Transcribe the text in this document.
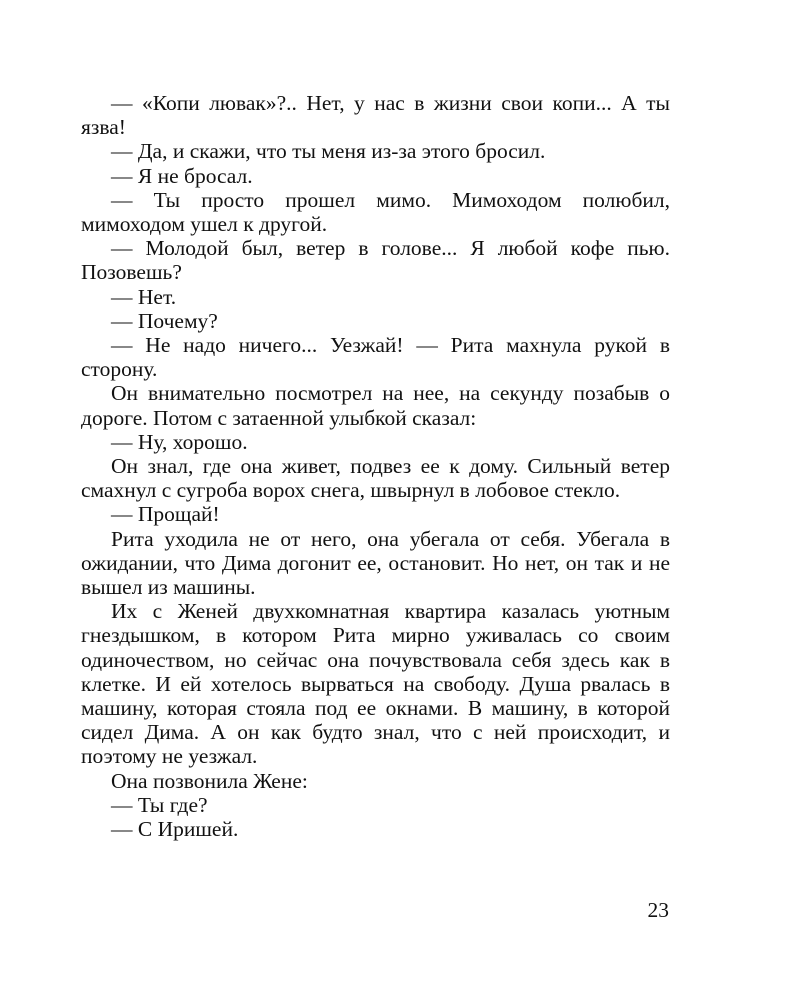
— «Копи лювак»?.. Нет, у нас в жизни свои копи... А ты язва!

— Да, и скажи, что ты меня из-за этого бросил.

— Я не бросал.

— Ты просто прошел мимо. Мимоходом полюбил, мимоходом ушел к другой.

— Молодой был, ветер в голове... Я любой кофе пью. Позовешь?

— Нет.

— Почему?

— Не надо ничего... Уезжай! — Рита махнула рукой в сторону.

Он внимательно посмотрел на нее, на секунду позабыв о дороге. Потом с затаенной улыбкой сказал:

— Ну, хорошо.

Он знал, где она живет, подвез ее к дому. Сильный ветер смахнул с сугроба ворох снега, швырнул в лобовое стекло.

— Прощай!

Рита уходила не от него, она убегала от себя. Убегала в ожидании, что Дима догонит ее, остановит. Но нет, он так и не вышел из машины.

Их с Женей двухкомнатная квартира казалась уютным гнездышком, в котором Рита мирно уживалась со своим одиночеством, но сейчас она почувствовала себя здесь как в клетке. И ей хотелось вырваться на свободу. Душа рвалась в машину, которая стояла под ее окнами. В машину, в которой сидел Дима. А он как будто знал, что с ней происходит, и поэтому не уезжал.

Она позвонила Жене:

— Ты где?

— С Иришей.

23
